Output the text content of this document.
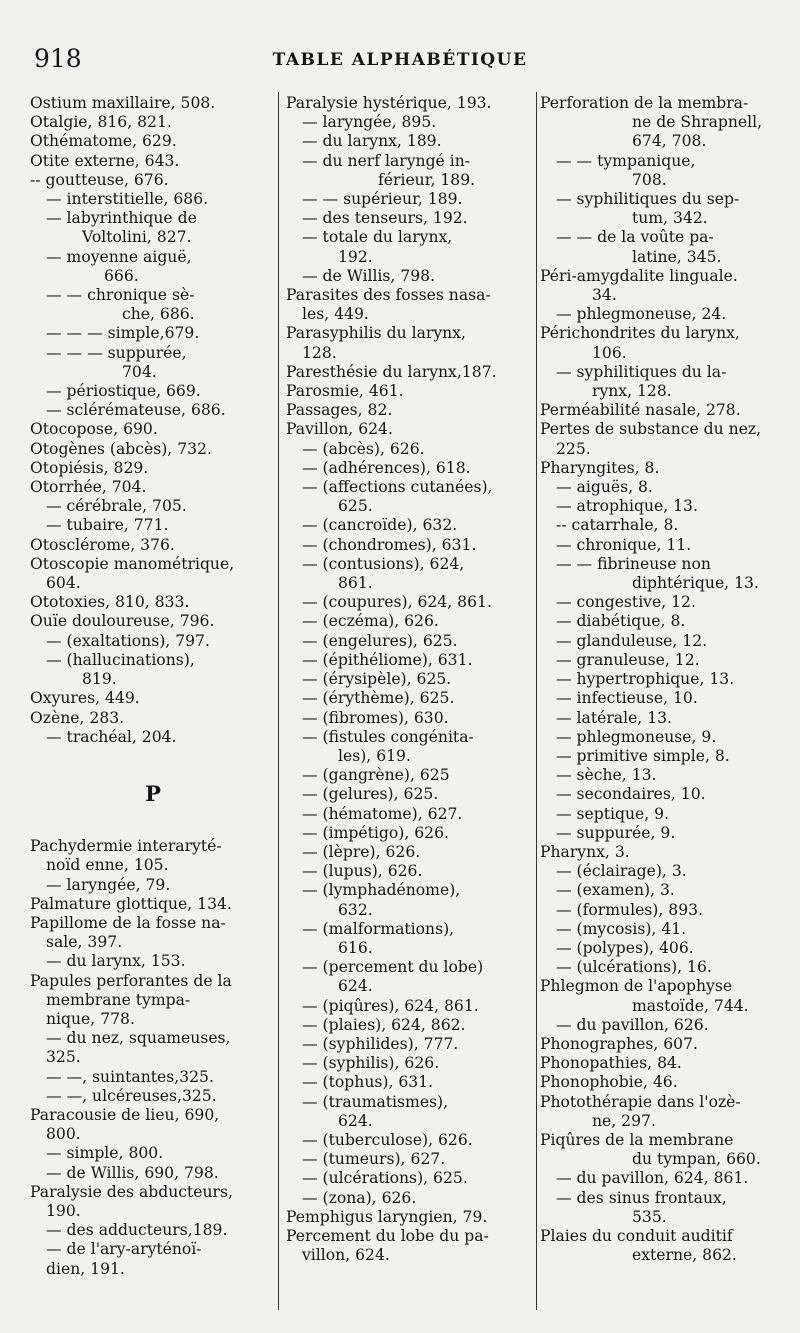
918	TABLE ALPHABÉTIQUE
Ostium maxillaire, 508.
Otalgie, 816, 821.
Othématome, 629.
Otite externe, 643.
-- goutteuse, 676.
— interstitielle, 686.
— labyrinthique de
Voltolini, 827.
— moyenne aiguë,
666.
— — chronique sè-
che, 686.
— — — simple,679.
— — — suppurée,
704.
— périostique, 669.
— sclérémateuse, 686.
Otocopose, 690.
Otogènes (abcès), 732.
Otopiésis, 829.
Otorrhée, 704.
— cérébrale, 705.
— tubaire, 771.
Otosclérome, 376.
Otoscopie manométrique,
604.
Ototoxies, 810, 833.
Ouïe douloureuse, 796.
— (exaltations), 797.
— (hallucinations),
819.
Oxyures, 449.
Ozène, 283.
— trachéal, 204.
P
Pachydermie interaryté-
noïd enne, 105.
— laryngée, 79.
Palmature glottique, 134.
Papillome de la fosse na-
sale, 397.
— du larynx, 153.
Papules perforantes de la
membrane tympa-
nique, 778.
— du nez, squameuses,
325.
— —, suintantes,325.
— —, ulcéreuses,325.
Paracousie de lieu, 690,
800.
— simple, 800.
— de Willis, 690, 798.
Paralysie des abducteurs,
190.
— des adducteurs,189.
— de l'ary-aryténoï-
dien, 191.
Paralysie hystérique, 193.
— laryngée, 895.
— du larynx, 189.
— du nerf laryngé in-
férieur, 189.
— — supérieur, 189.
— des tenseurs, 192.
— totale du larynx,
192.
— de Willis, 798.
Parasites des fosses nasa-
les, 449.
Parasyphilis du larynx,
128.
Paresthésie du larynx,187.
Parosmie, 461.
Passages, 82.
Pavillon, 624.
— (abcès), 626.
— (adhérences), 618.
— (affections cutanées),
625.
— (cancroïde), 632.
— (chondromes), 631.
— (contusions), 624,
861.
— (coupures), 624, 861.
— (eczéma), 626.
— (engelures), 625.
— (épithéliome), 631.
— (érysipèle), 625.
— (érythème), 625.
— (fibromes), 630.
— (fistules congénita-
les), 619.
— (gangrène), 625
— (gelures), 625.
— (hématome), 627.
— (impétigo), 626.
— (lèpre), 626.
— (lupus), 626.
— (lymphadénome),
632.
— (malformations),
616.
— (percement du lobe)
624.
— (piqûres), 624, 861.
— (plaies), 624, 862.
— (syphilides), 777.
— (syphilis), 626.
— (tophus), 631.
— (traumatismes),
624.
— (tuberculose), 626.
— (tumeurs), 627.
— (ulcérations), 625.
— (zona), 626.
Pemphigus laryngien, 79.
Percement du lobe du pa-
villon, 624.
Perforation de la membra-
ne de Shrapnell,
674, 708.
— — tympanique,
708.
— syphilitiques du sep-
tum, 342.
— — de la voûte pa-
latine, 345.
Péri-amygdalite linguale.
34.
— phlegmoneuse, 24.
Périchondrites du larynx,
106.
— syphilitiques du la-
rynx, 128.
Perméabilité nasale, 278.
Pertes de substance du nez,
225.
Pharyngites, 8.
— aiguës, 8.
— atrophique, 13.
-- catarrhale, 8.
— chronique, 11.
— — fibrineuse non
diphtérique, 13.
— congestive, 12.
— diabétique, 8.
— glanduleuse, 12.
— granuleuse, 12.
— hypertrophique, 13.
— infectieuse, 10.
— latérale, 13.
— phlegmoneuse, 9.
— primitive simple, 8.
— sèche, 13.
— secondaires, 10.
— septique, 9.
— suppurée, 9.
Pharynx, 3.
— (éclairage), 3.
— (examen), 3.
— (formules), 893.
— (mycosis), 41.
— (polypes), 406.
— (ulcérations), 16.
Phlegmon de l'apophyse
mastoïde, 744.
— du pavillon, 626.
Phonographes, 607.
Phonopathies, 84.
Phonophobie, 46.
Photothérapie dans l'ozè-
ne, 297.
Piqûres de la membrane
du tympan, 660.
— du pavillon, 624, 861.
— des sinus frontaux,
535.
Plaies du conduit auditif
externe, 862.
